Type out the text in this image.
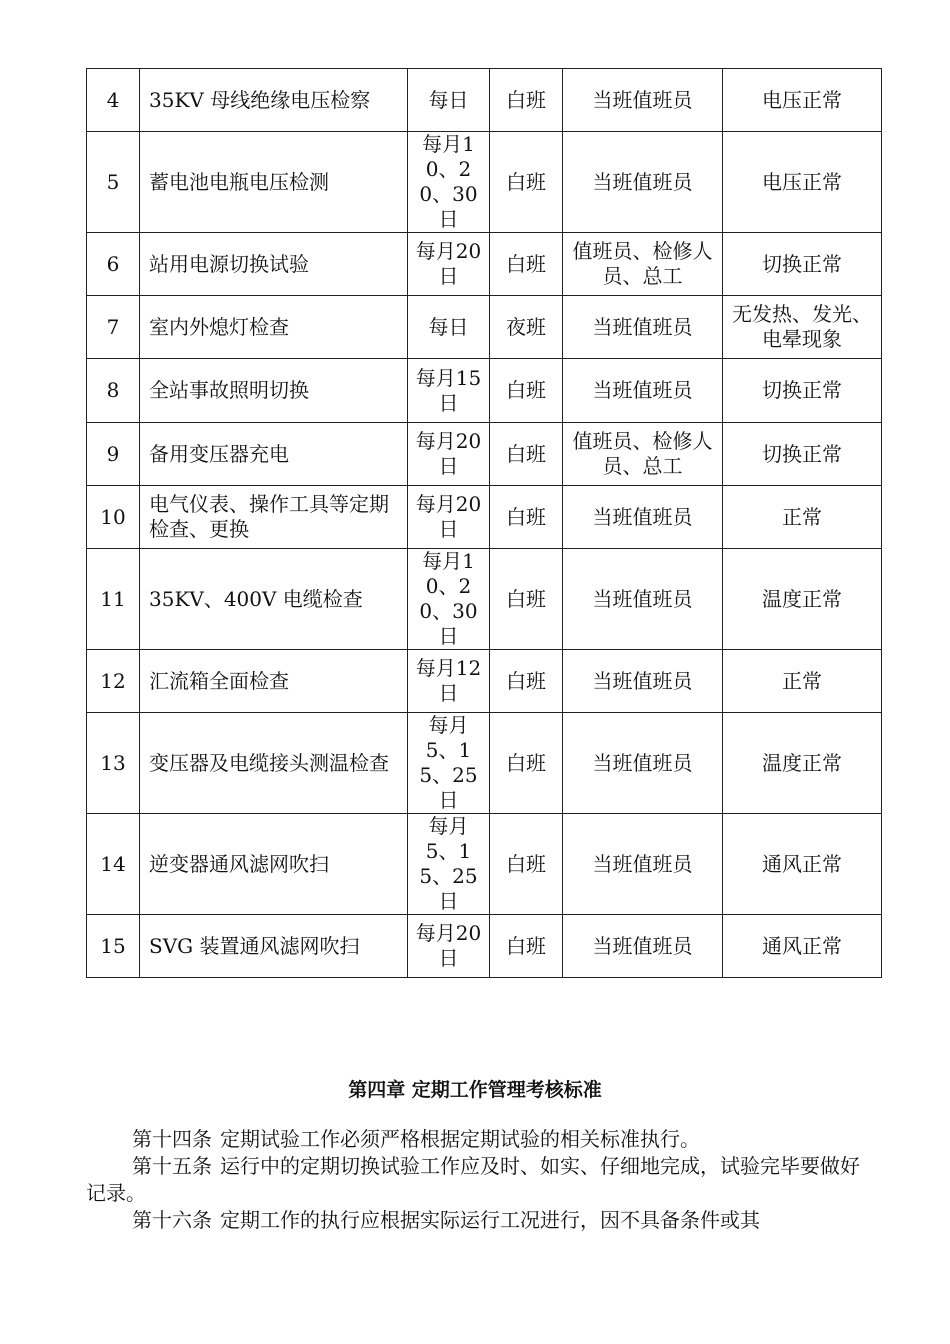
4	35KV 母线绝缘电压检察	每日	白班	当班值班员	电压正常
5	蓄电池电瓶电压检测	每月10、20、30日	白班	当班值班员	电压正常
6	站用电源切换试验	每月20日	白班	值班员、检修人员、总工	切换正常
7	室内外熄灯检查	每日	夜班	当班值班员	无发热、发光、电晕现象
8	全站事故照明切换	每月15日	白班	当班值班员	切换正常
9	备用变压器充电	每月20日	白班	值班员、检修人员、总工	切换正常
10	电气仪表、操作工具等定期检查、更换	每月20日	白班	当班值班员	正常
11	35KV、400V 电缆检查	每月10、20、30日	白班	当班值班员	温度正常
12	汇流箱全面检查	每月12日	白班	当班值班员	正常
13	变压器及电缆接头测温检查	每月5、15、25日	白班	当班值班员	温度正常
14	逆变器通风滤网吹扫	每月5、15、25日	白班	当班值班员	通风正常
15	SVG 装置通风滤网吹扫	每月20日	白班	当班值班员	通风正常
第四章 定期工作管理考核标准

第十四条 定期试验工作必须严格根据定期试验的相关标准执行。

第十五条 运行中的定期切换试验工作应及时、如实、仔细地完成，试验完毕要做好记录。

第十六条 定期工作的执行应根据实际运行工况进行，因不具备条件或其
